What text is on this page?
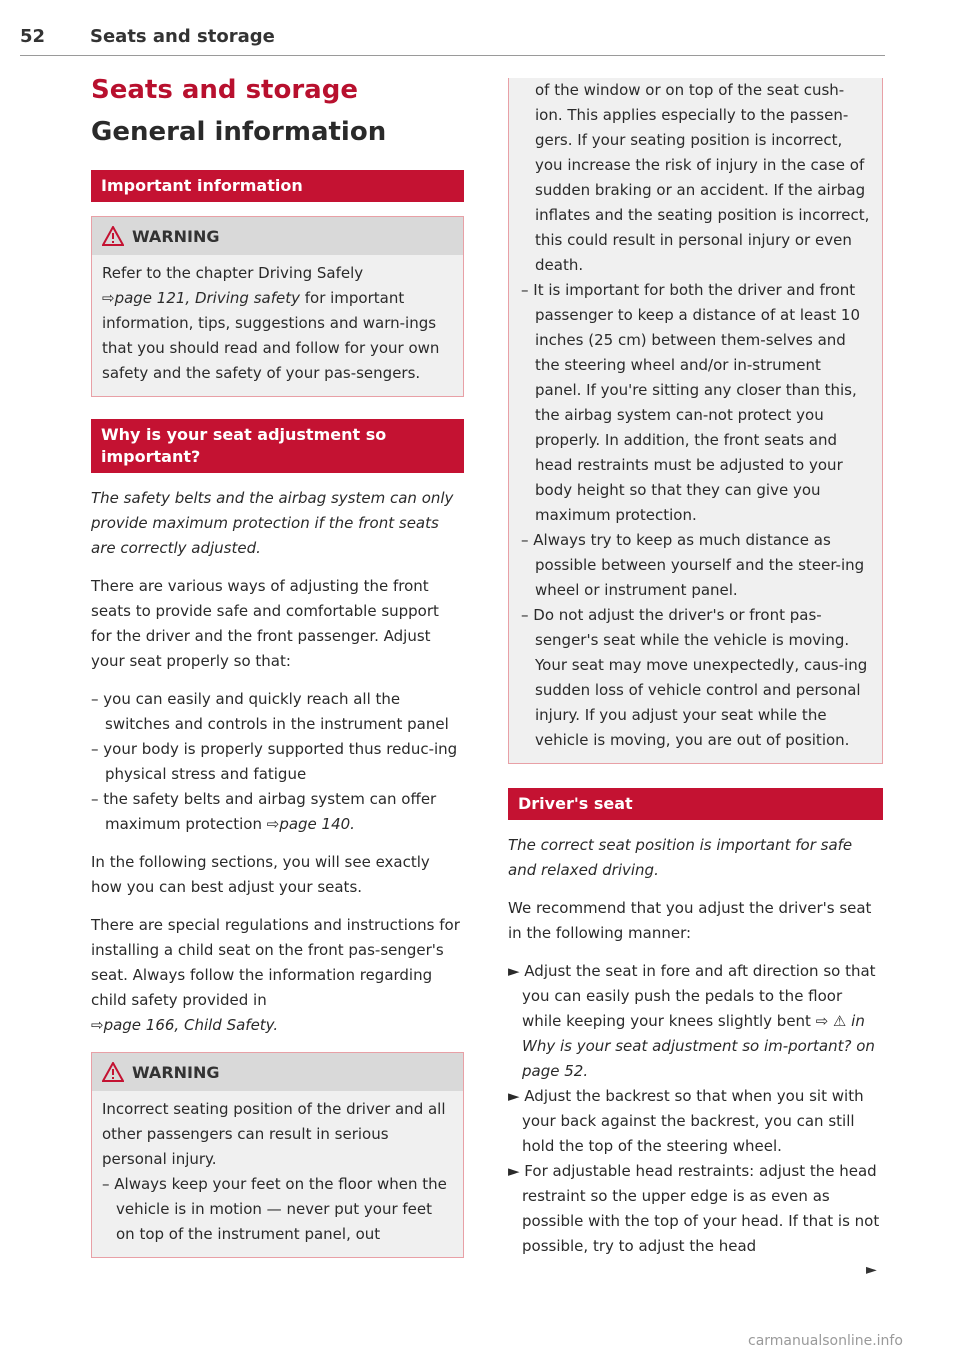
52 Seats and storage
Seats and storage
General information
Important information
WARNING

Refer to the chapter Driving Safely
⇨page 121, Driving safety for important information, tips, suggestions and warn-ings that you should read and follow for your own safety and the safety of your pas-sengers.

Why is your seat adjustment so important?

The safety belts and the airbag system can only provide maximum protection if the front seats are correctly adjusted.

There are various ways of adjusting the front seats to provide safe and comfortable support for the driver and the front passenger. Adjust your seat properly so that:

– you can easily and quickly reach all the switches and controls in the instrument panel
– your body is properly supported thus reduc-ing physical stress and fatigue
– the safety belts and airbag system can offer maximum protection ⇨page 140.

In the following sections, you will see exactly how you can best adjust your seats.

There are special regulations and instructions for installing a child seat on the front pas-senger's seat. Always follow the information regarding child safety provided in
⇨page 166, Child Safety.

WARNING

Incorrect seating position of the driver and all other passengers can result in serious personal injury.

– Always keep your feet on the floor when the vehicle is in motion — never put your feet on top of the instrument panel, out

of the window or on top of the seat cush-ion. This applies especially to the passen-gers. If your seating position is incorrect, you increase the risk of injury in the case of sudden braking or an accident. If the airbag inflates and the seating position is incorrect, this could result in personal injury or even death.

– It is important for both the driver and front passenger to keep a distance of at least 10 inches (25 cm) between them-selves and the steering wheel and/or in-strument panel. If you're sitting any closer than this, the airbag system can-not protect you properly. In addition, the front seats and head restraints must be adjusted to your body height so that they can give you maximum protection.
– Always try to keep as much distance as possible between yourself and the steer-ing wheel or instrument panel.
– Do not adjust the driver's or front pas-senger's seat while the vehicle is moving. Your seat may move unexpectedly, caus-ing sudden loss of vehicle control and personal injury. If you adjust your seat while the vehicle is moving, you are out of position.
Driver's seat

The correct seat position is important for safe and relaxed driving.

We recommend that you adjust the driver's seat in the following manner:

► Adjust the seat in fore and aft direction so that you can easily push the pedals to the floor while keeping your knees slightly bent ⇨ ⚠ in Why is your seat adjustment so im-portant? on page 52.
► Adjust the backrest so that when you sit with your back against the backrest, you can still hold the top of the steering wheel.
► For adjustable head restraints: adjust the head restraint so the upper edge is as even as possible with the top of your head. If that is not possible, try to adjust the head
►
carmanualsonline.info
